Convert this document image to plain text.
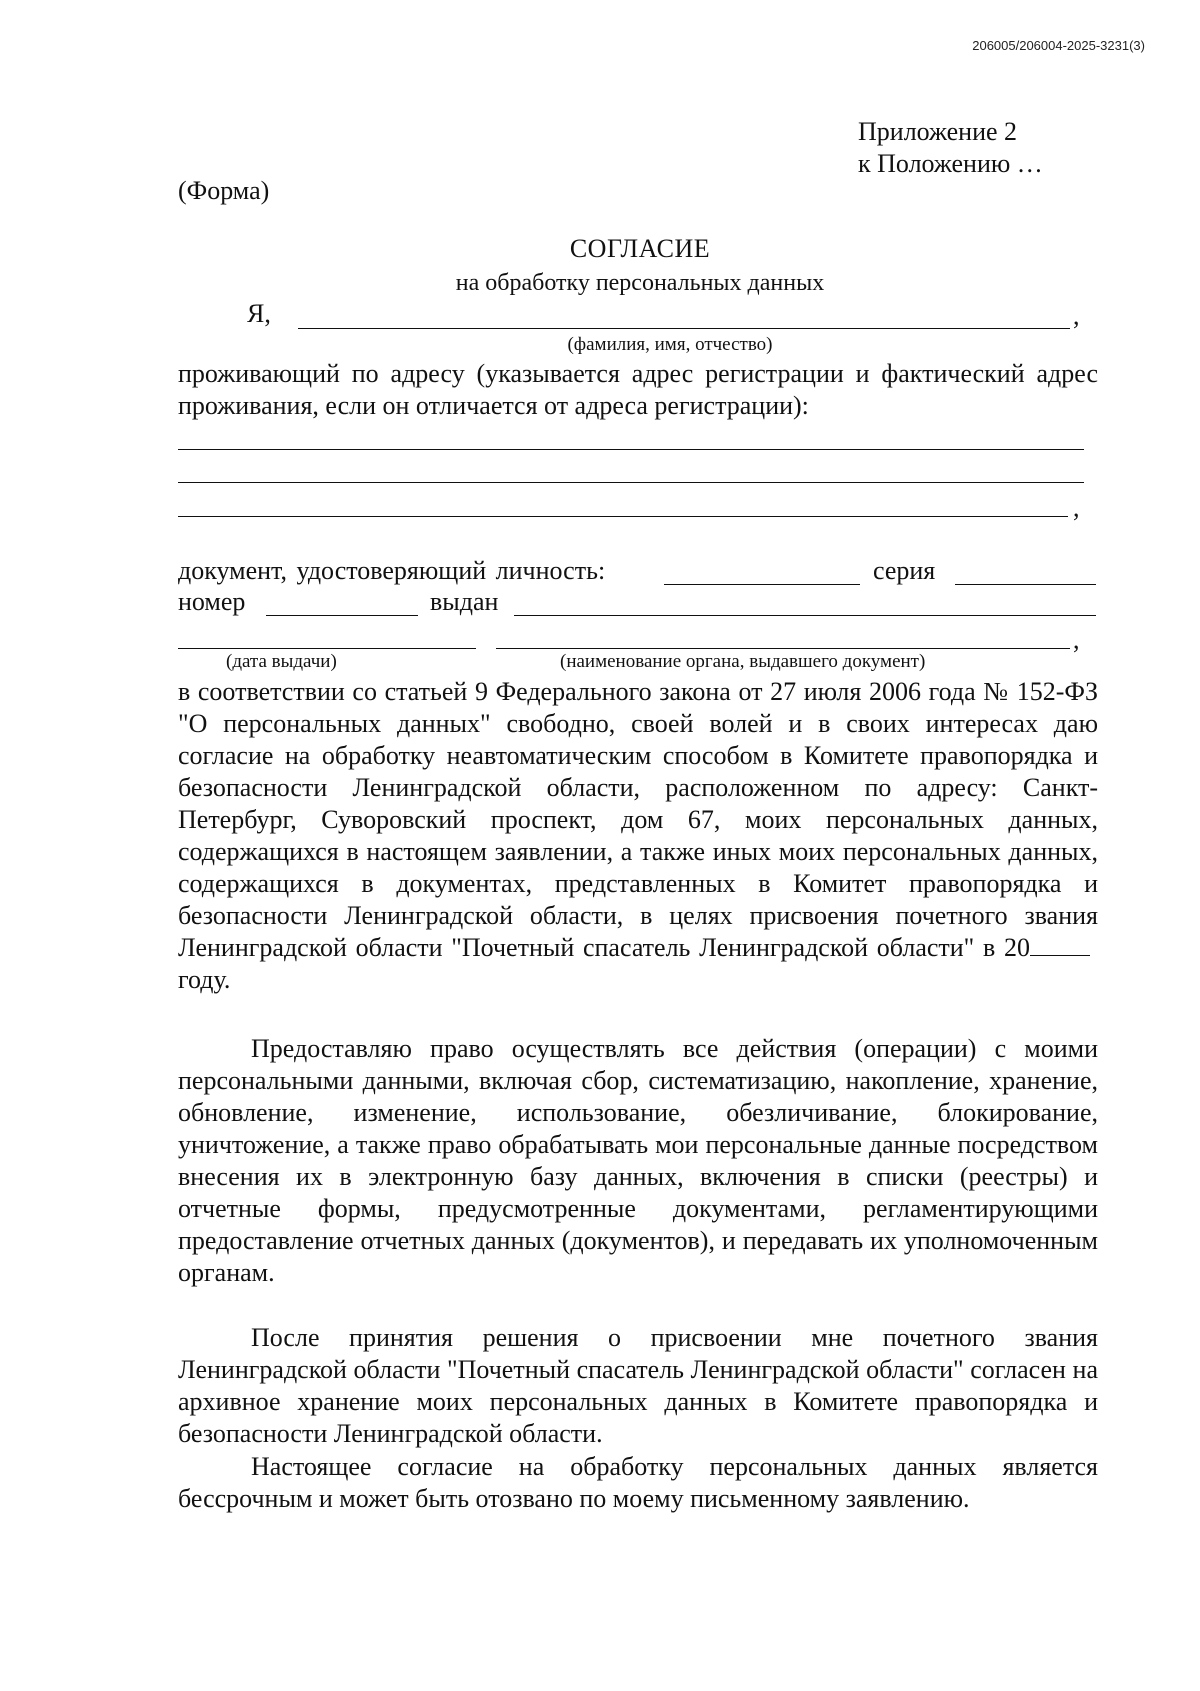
206005/206004-2025-3231(3)
Приложение 2
к Положению …
(Форма)
СОГЛАСИЕ
на обработку персональных данных
Я,	,
(фамилия, имя, отчество)
проживающий по адресу (указывается адрес регистрации и фактический адрес проживания, если он отличается от адреса регистрации):
,
документ, удостоверяющий личность:	серия
номер	выдан
,
(дата выдачи)	(наименование органа, выдавшего документ)
в соответствии со статьей 9 Федерального закона от 27 июля 2006 года № 152-ФЗ "О персональных данных" свободно, своей волей и в своих интересах даю согласие на обработку неавтоматическим способом в Комитете правопорядка и безопасности Ленинградской области, расположенном по адресу: Санкт-Петербург, Суворовский проспект, дом 67, моих персональных данных, содержащихся в настоящем заявлении, а также иных моих персональных данных, содержащихся в документах, представленных в Комитет правопорядка и безопасности Ленинградской области, в целях присвоения почетного звания Ленинградской области "Почетный спасатель Ленинградской области" в 20году.
Предоставляю право осуществлять все действия (операции) с моими персональными данными, включая сбор, систематизацию, накопление, хранение, обновление, изменение, использование, обезличивание, блокирование, уничтожение, а также право обрабатывать мои персональные данные посредством внесения их в электронную базу данных, включения в списки (реестры) и отчетные формы, предусмотренные документами, регламентирующими предоставление отчетных данных (документов), и передавать их уполномоченным органам.
После принятия решения о присвоении мне почетного звания Ленинградской области "Почетный спасатель Ленинградской области" согласен на архивное хранение моих персональных данных в Комитете правопорядка и безопасности Ленинградской области.
Настоящее согласие на обработку персональных данных является бессрочным и может быть отозвано по моему письменному заявлению.
